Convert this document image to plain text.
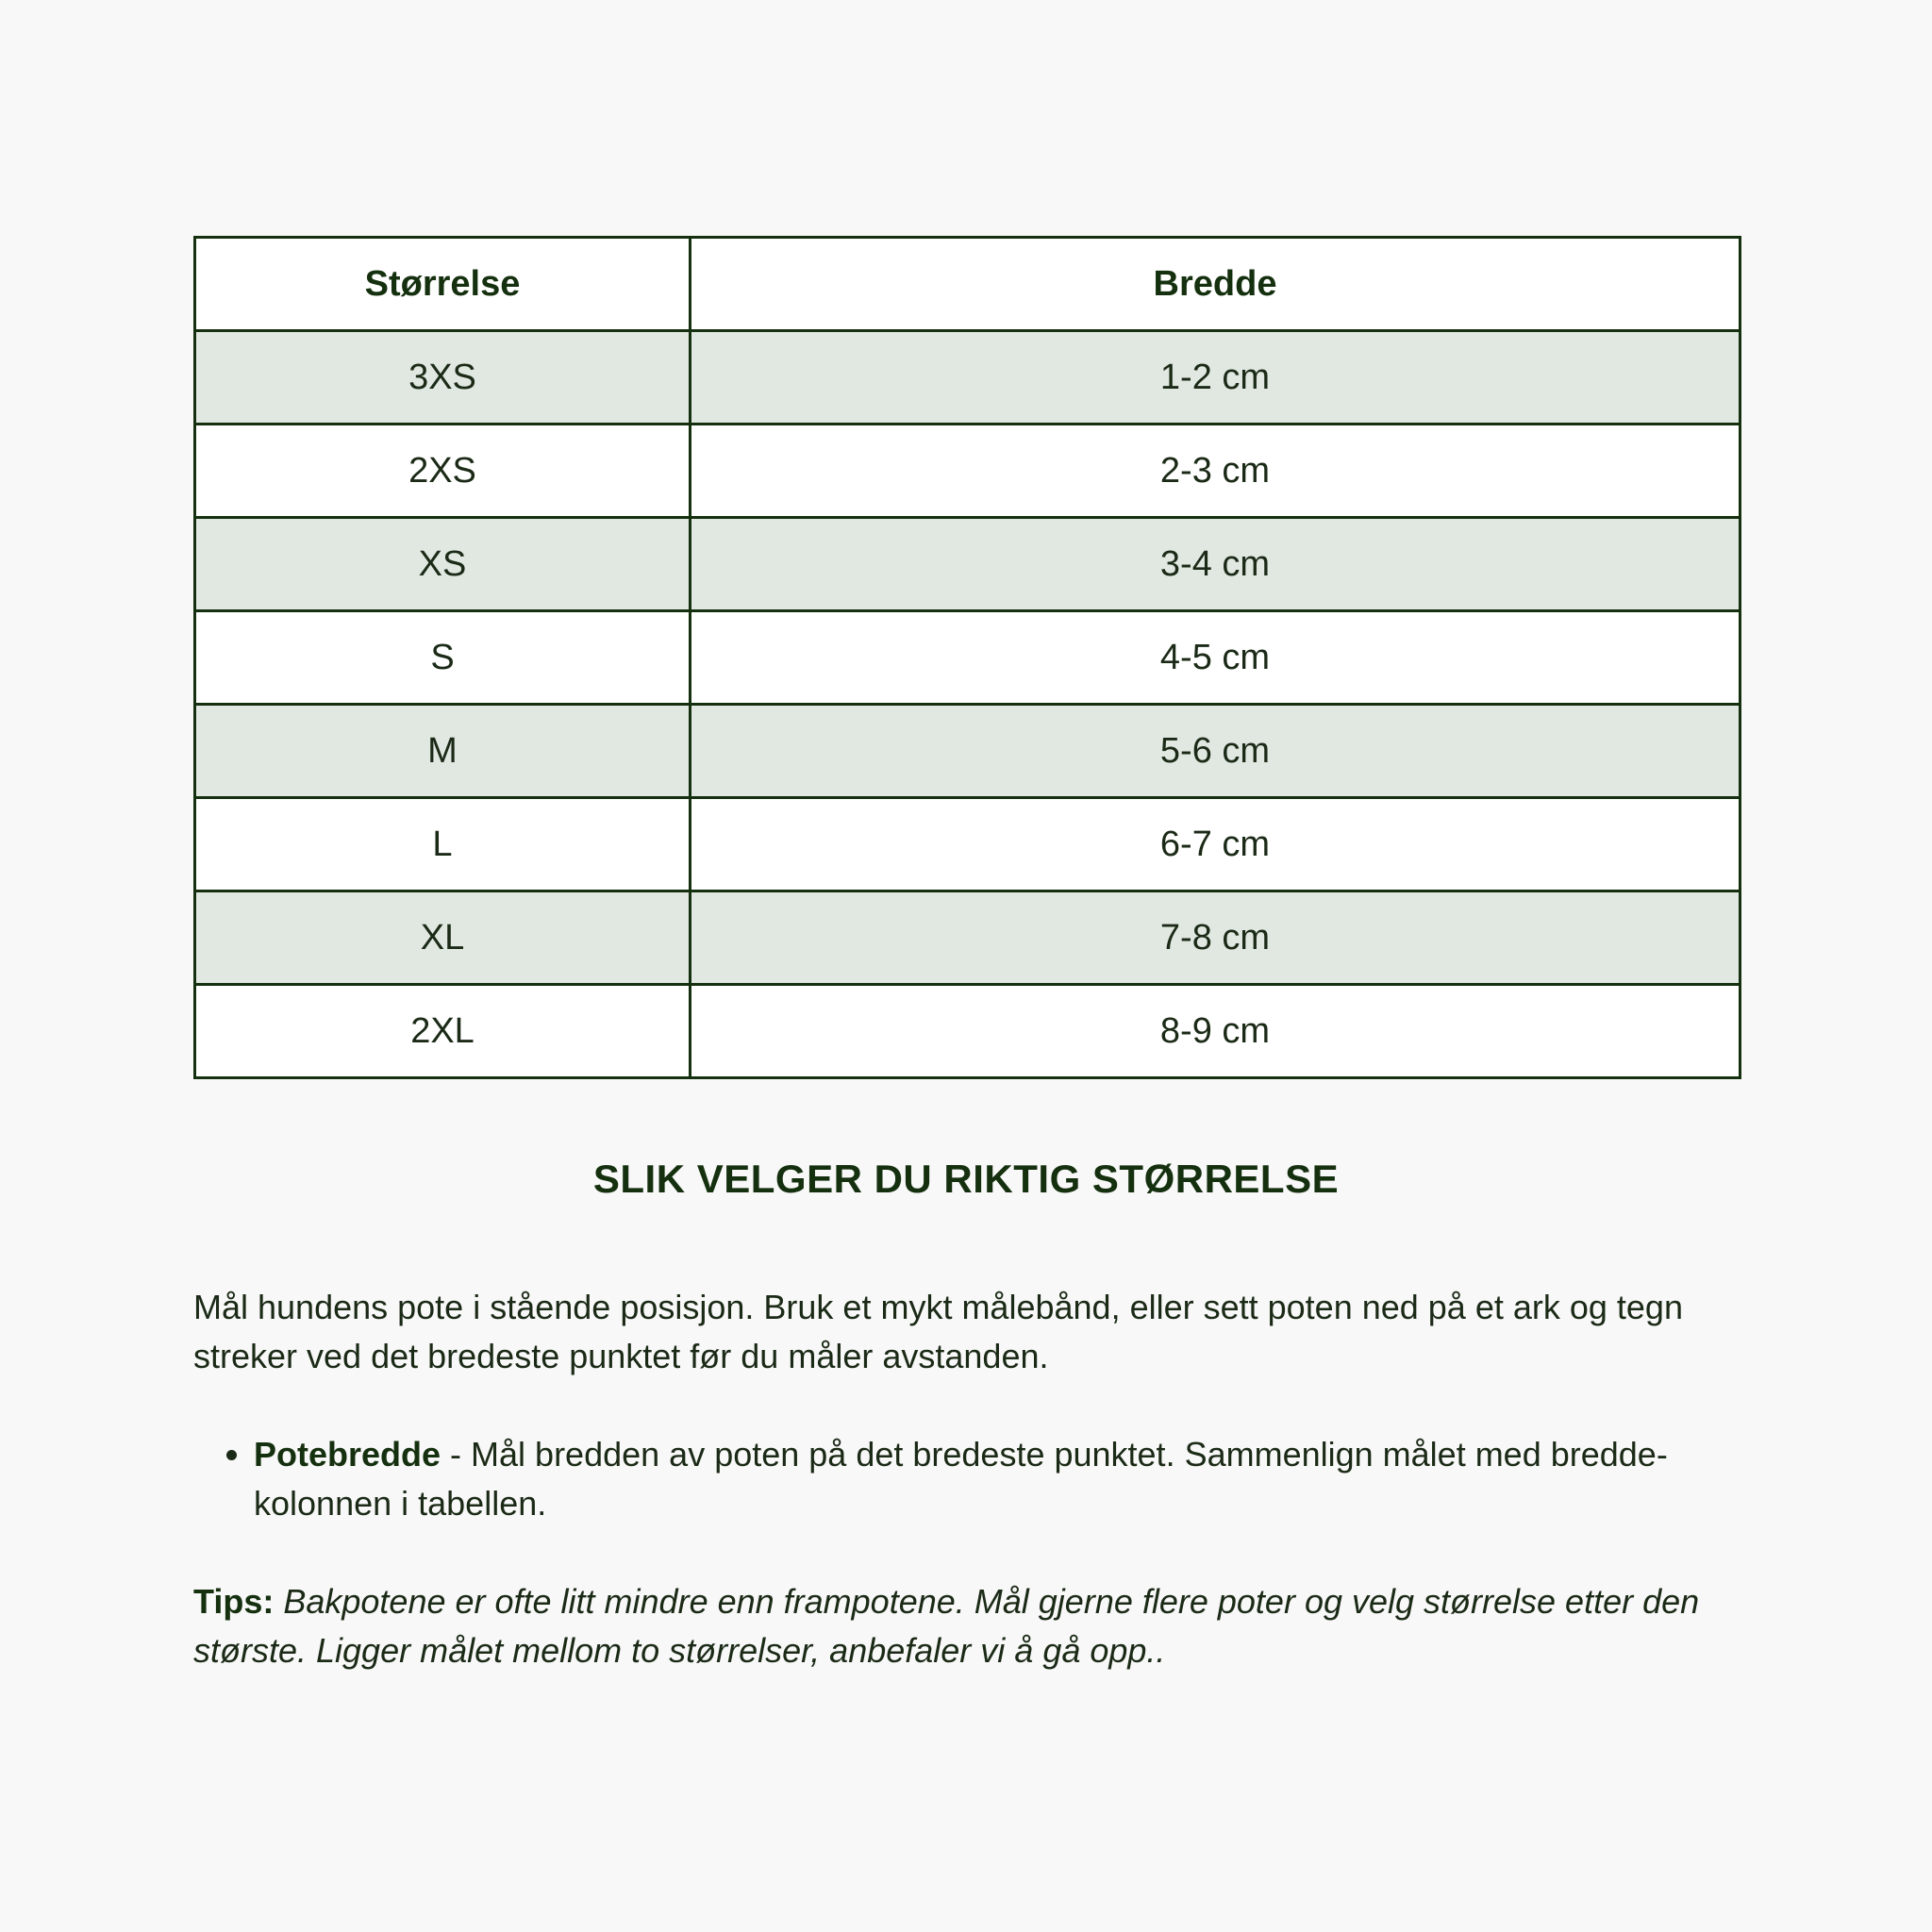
Størrelse	Bredde
3XS	1-2 cm
2XS	2-3 cm
XS	3-4 cm
S	4-5 cm
M	5-6 cm
L	6-7 cm
XL	7-8 cm
2XL	8-9 cm
SLIK VELGER DU RIKTIG STØRRELSE

Mål hundens pote i stående posisjon. Bruk et mykt målebånd, eller sett poten ned på et ark og tegn streker ved det bredeste punktet før du måler avstanden.

• Potebredde - Mål bredden av poten på det bredeste punktet. Sammenlign målet med bredde-kolonnen i tabellen.

Tips: Bakpotene er ofte litt mindre enn frampotene. Mål gjerne flere poter og velg størrelse etter den største. Ligger målet mellom to størrelser, anbefaler vi å gå opp..
